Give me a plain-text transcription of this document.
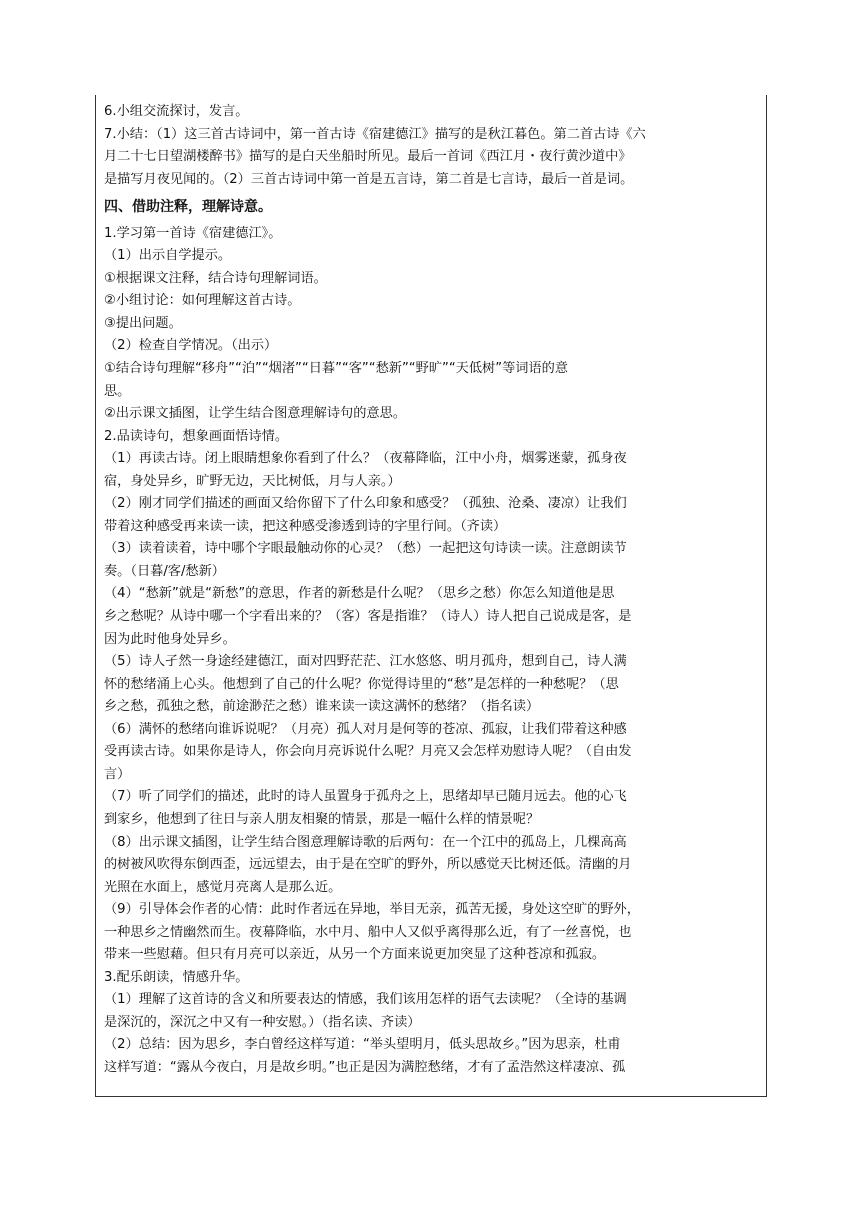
6.小组交流探讨，发言。
7.小结：（1）这三首古诗词中，第一首古诗《宿建德江》描写的是秋江暮色。第二首古诗《六
月二十七日望湖楼醉书》描写的是白天坐船时所见。最后一首词《西江月・夜行黄沙道中》
是描写月夜见闻的。（2）三首古诗词中第一首是五言诗，第二首是七言诗，最后一首是词。
四、借助注释，理解诗意。
1.学习第一首诗《宿建德江》。
（1）出示自学提示。
①根据课文注释，结合诗句理解词语。
②小组讨论：如何理解这首古诗。
③提出问题。
（2）检查自学情况。（出示）
①结合诗句理解“移舟”“泊”“烟渚”“日暮”“客”“愁新”“野旷”“天低树”等词语的意
思。
②出示课文插图，让学生结合图意理解诗句的意思。
2.品读诗句，想象画面悟诗情。
（1）再读古诗。闭上眼睛想象你看到了什么？（夜幕降临，江中小舟，烟雾迷蒙，孤身夜
宿，身处异乡，旷野无边，天比树低，月与人亲。）
（2）刚才同学们描述的画面又给你留下了什么印象和感受？（孤独、沧桑、凄凉）让我们
带着这种感受再来读一读，把这种感受渗透到诗的字里行间。（齐读）
（3）读着读着，诗中哪个字眼最触动你的心灵？（愁）一起把这句诗读一读。注意朗读节
奏。（日暮/客/愁新）
（4）“愁新”就是“新愁”的意思，作者的新愁是什么呢？（思乡之愁）你怎么知道他是思
乡之愁呢？从诗中哪一个字看出来的？（客）客是指谁？（诗人）诗人把自己说成是客，是
因为此时他身处异乡。
（5）诗人孑然一身途经建德江，面对四野茫茫、江水悠悠、明月孤舟，想到自己，诗人满
怀的愁绪涌上心头。他想到了自己的什么呢？你觉得诗里的“愁”是怎样的一种愁呢？（思
乡之愁，孤独之愁，前途渺茫之愁）谁来读一读这满怀的愁绪？（指名读）
（6）满怀的愁绪向谁诉说呢？（月亮）孤人对月是何等的苍凉、孤寂，让我们带着这种感
受再读古诗。如果你是诗人，你会向月亮诉说什么呢？月亮又会怎样劝慰诗人呢？（自由发
言）
（7）听了同学们的描述，此时的诗人虽置身于孤舟之上，思绪却早已随月远去。他的心飞
到家乡，他想到了往日与亲人朋友相聚的情景，那是一幅什么样的情景呢？
（8）出示课文插图，让学生结合图意理解诗歌的后两句：在一个江中的孤岛上，几棵高高
的树被风吹得东倒西歪，远远望去，由于是在空旷的野外，所以感觉天比树还低。清幽的月
光照在水面上，感觉月亮离人是那么近。
（9）引导体会作者的心情：此时作者远在异地，举目无亲，孤苦无援，身处这空旷的野外，
一种思乡之情幽然而生。夜幕降临，水中月、船中人又似乎离得那么近，有了一丝喜悦，也
带来一些慰藉。但只有月亮可以亲近，从另一个方面来说更加突显了这种苍凉和孤寂。
3.配乐朗读，情感升华。
（1）理解了这首诗的含义和所要表达的情感，我们该用怎样的语气去读呢？（全诗的基调
是深沉的，深沉之中又有一种安慰。）（指名读、齐读）
（2）总结：因为思乡，李白曾经这样写道：“举头望明月，低头思故乡。”因为思亲，杜甫
这样写道：“露从今夜白，月是故乡明。”也正是因为满腔愁绪，才有了孟浩然这样凄凉、孤
